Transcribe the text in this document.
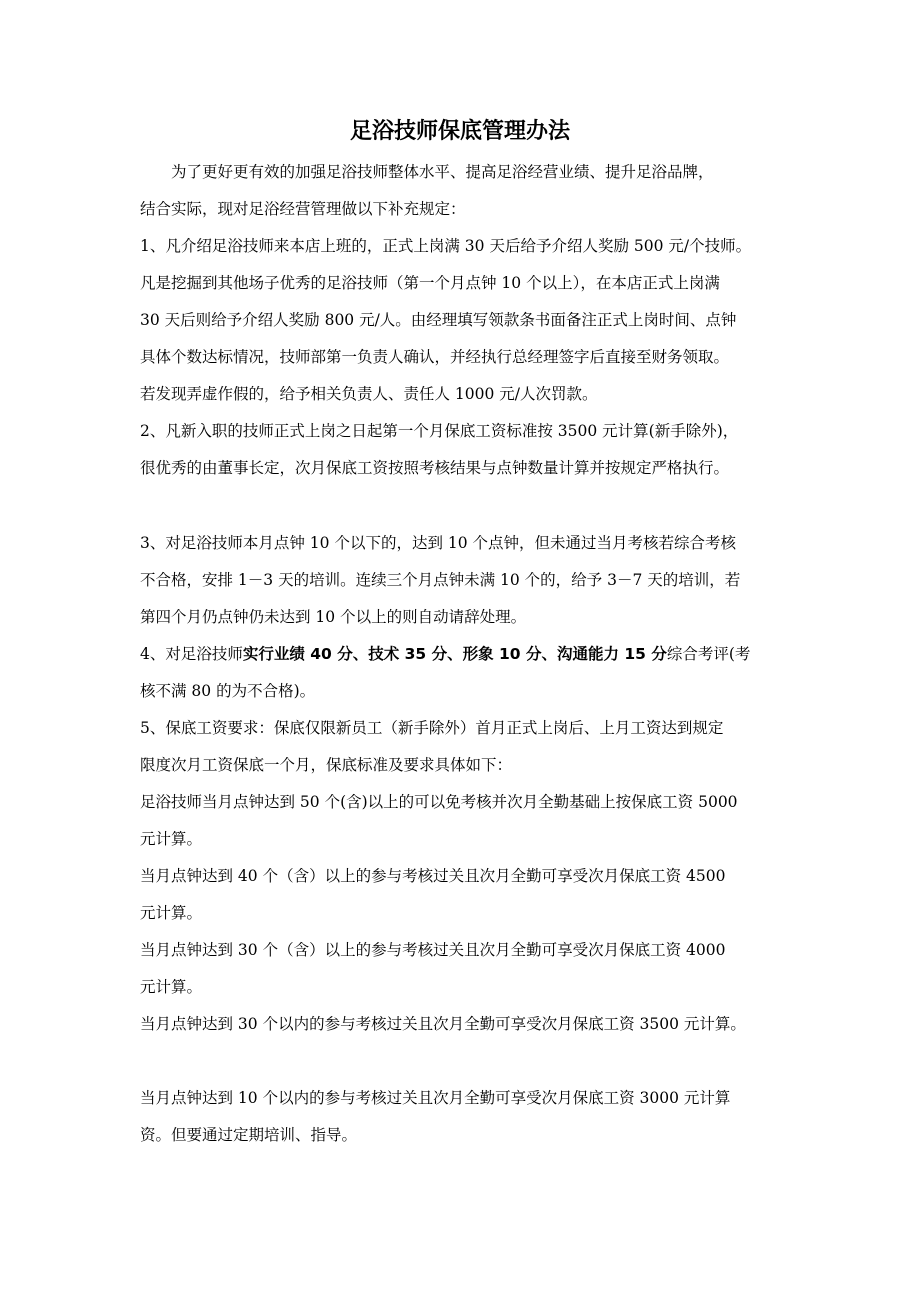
足浴技师保底管理办法

为了更好更有效的加强足浴技师整体水平、提高足浴经营业绩、提升足浴品牌，

结合实际，现对足浴经营管理做以下补充规定：

1、凡介绍足浴技师来本店上班的，正式上岗满 30 天后给予介绍人奖励 500 元/个技师。

凡是挖掘到其他场子优秀的足浴技师（第一个月点钟 10 个以上），在本店正式上岗满

30 天后则给予介绍人奖励 800 元/人。由经理填写领款条书面备注正式上岗时间、点钟

具体个数达标情况，技师部第一负责人确认，并经执行总经理签字后直接至财务领取。

若发现弄虚作假的，给予相关负责人、责任人 1000 元/人次罚款。

2、凡新入职的技师正式上岗之日起第一个月保底工资标准按 3500 元计算(新手除外)，

很优秀的由董事长定，次月保底工资按照考核结果与点钟数量计算并按规定严格执行。

3、对足浴技师本月点钟 10 个以下的，达到 10 个点钟，但未通过当月考核若综合考核

不合格，安排 1－3 天的培训。连续三个月点钟未满 10 个的，给予 3－7 天的培训，若

第四个月仍点钟仍未达到 10 个以上的则自动请辞处理。

4、对足浴技师实行业绩 40 分、技术 35 分、形象 10 分、沟通能力 15 分综合考评(考

核不满 80 的为不合格)。

5、保底工资要求：保底仅限新员工（新手除外）首月正式上岗后、上月工资达到规定

限度次月工资保底一个月，保底标准及要求具体如下：

足浴技师当月点钟达到 50 个(含)以上的可以免考核并次月全勤基础上按保底工资 5000

元计算。

当月点钟达到 40 个（含）以上的参与考核过关且次月全勤可享受次月保底工资 4500

元计算。

当月点钟达到 30 个（含）以上的参与考核过关且次月全勤可享受次月保底工资 4000

元计算。

当月点钟达到 30 个以内的参与考核过关且次月全勤可享受次月保底工资 3500 元计算。

当月点钟达到 10 个以内的参与考核过关且次月全勤可享受次月保底工资 3000 元计算

资。但要通过定期培训、指导。
